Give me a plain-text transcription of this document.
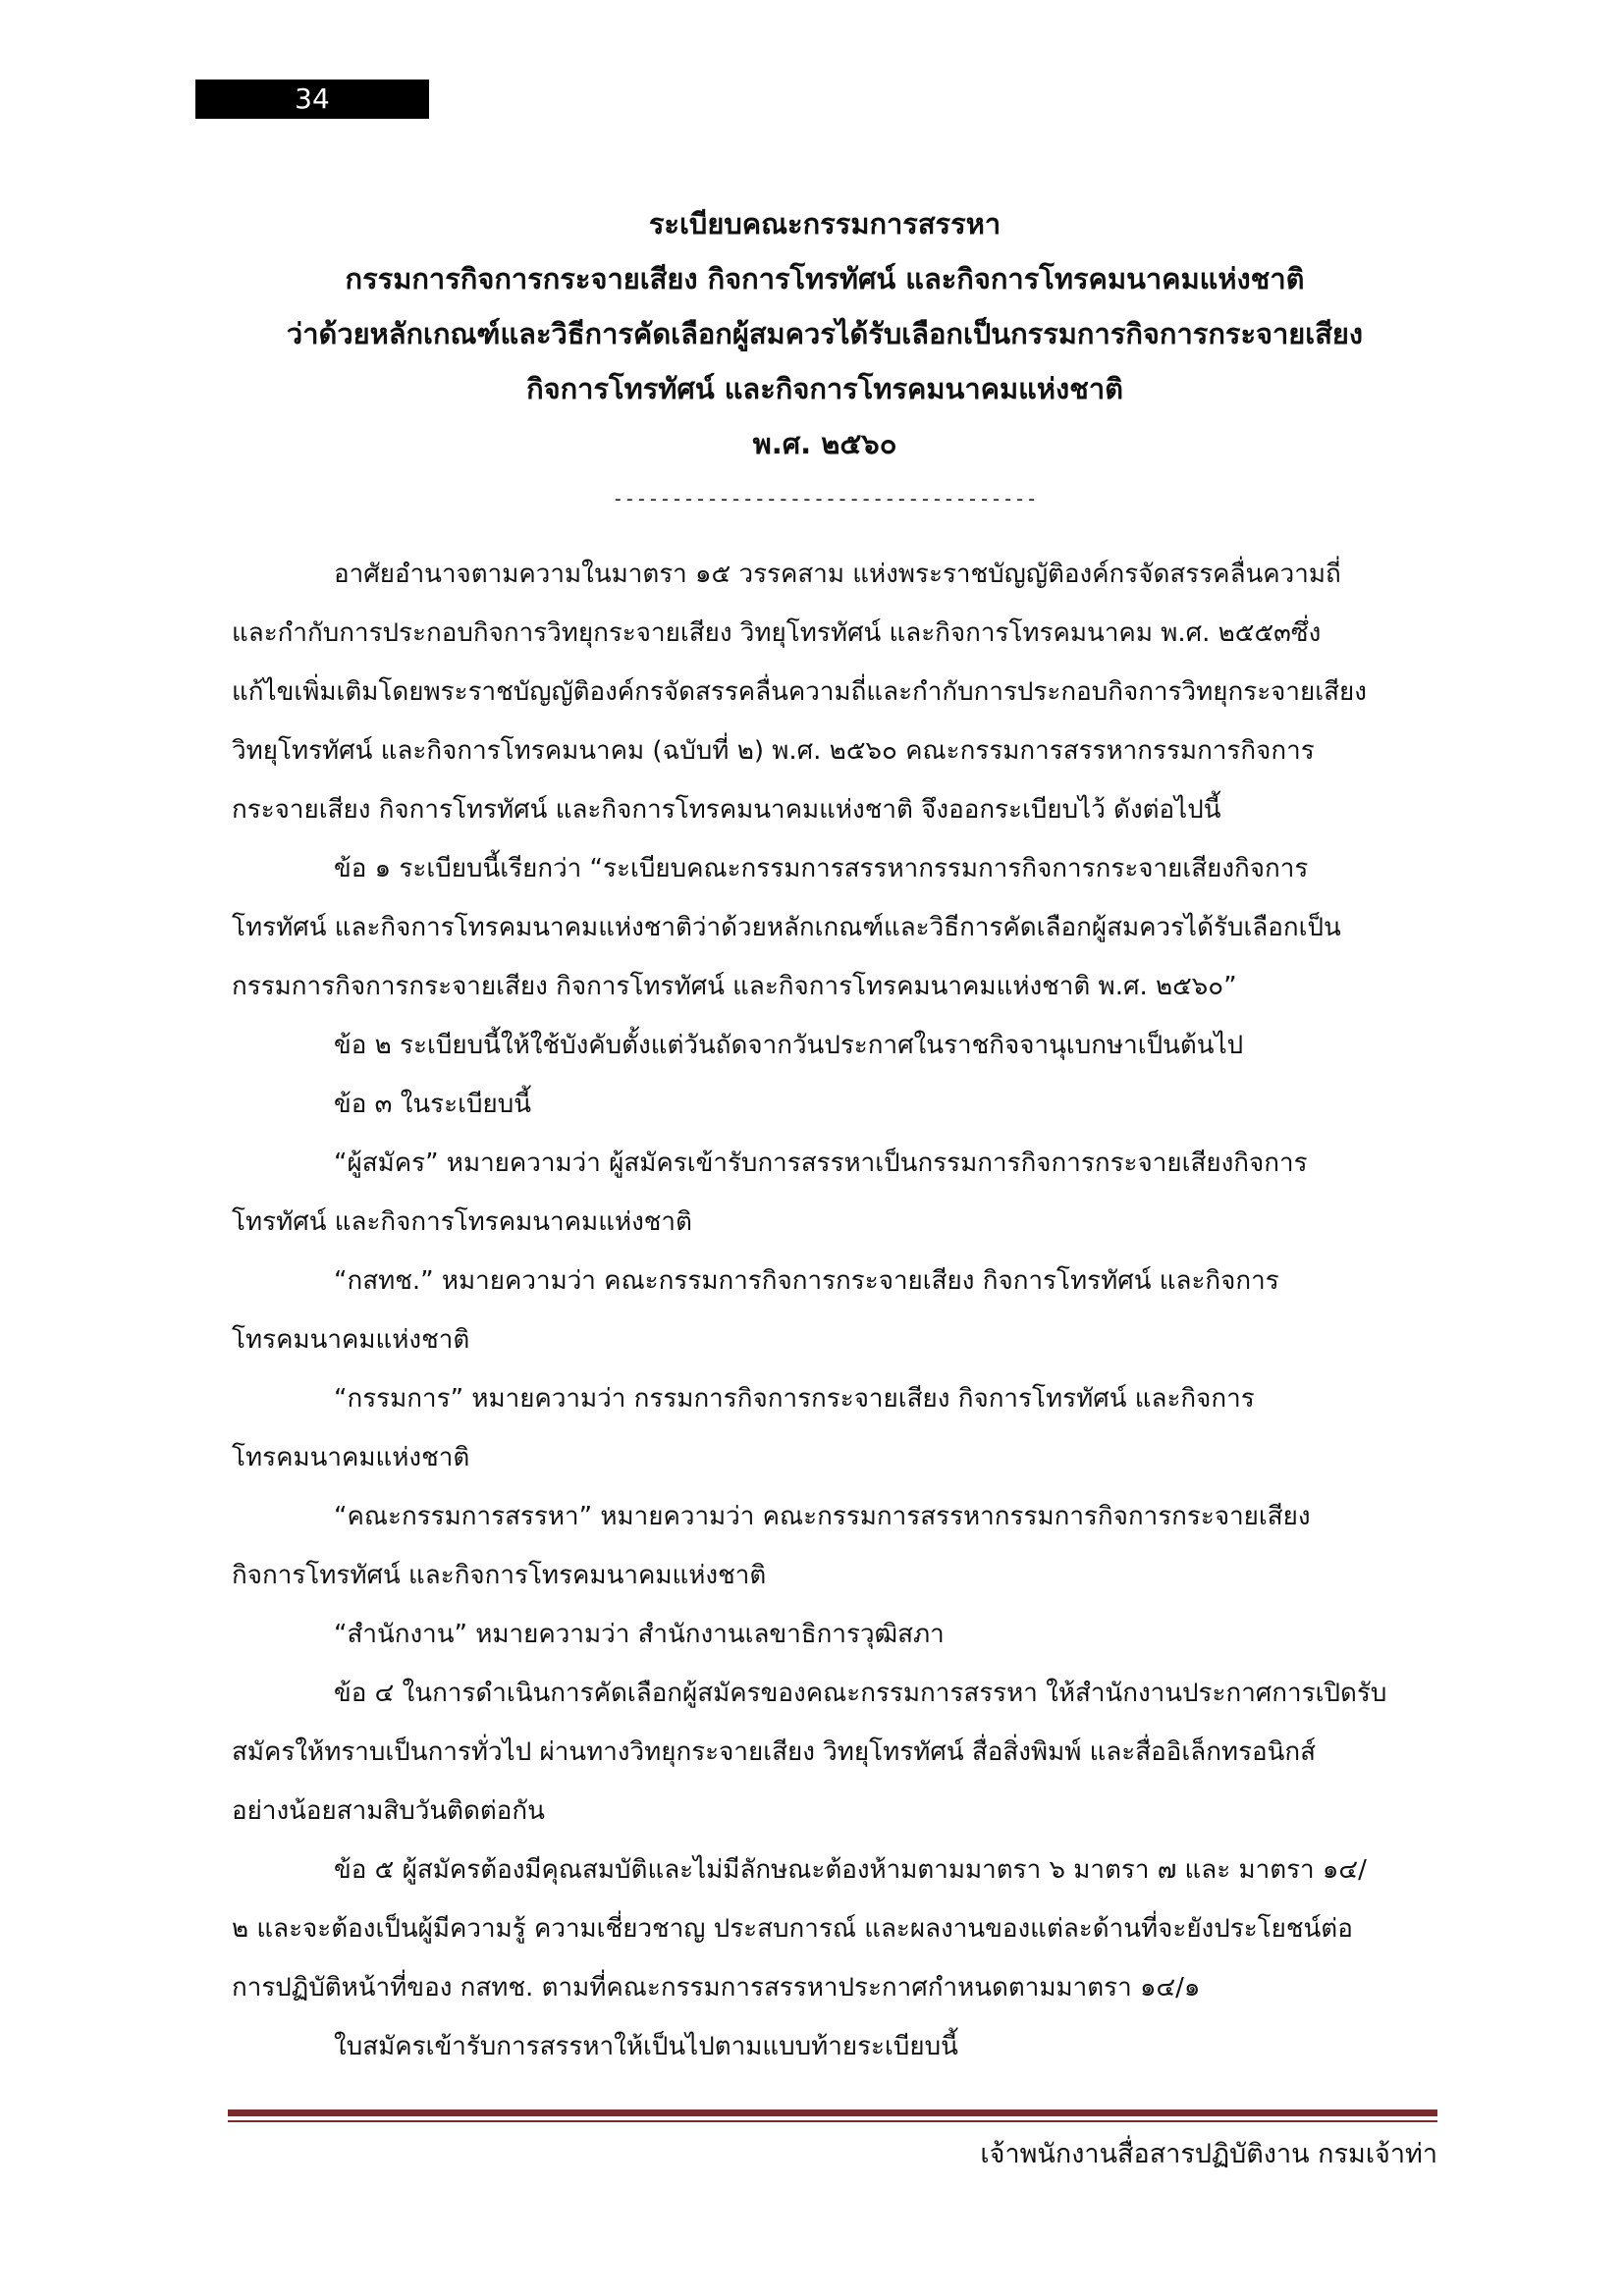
34
ระเบียบคณะกรรมการสรรหา
กรรมการกิจการกระจายเสียง กิจการโทรทัศน์ และกิจการโทรคมนาคมแห่งชาติ
ว่าด้วยหลักเกณฑ์และวิธีการคัดเลือกผู้สมควรได้รับเลือกเป็นกรรมการกิจการกระจายเสียง
กิจการโทรทัศน์ และกิจการโทรคมนาคมแห่งชาติ
พ.ศ. ๒๕๖๐
------------------------------------
อาศัยอำนาจตามความในมาตรา ๑๕ วรรคสาม แห่งพระราชบัญญัติองค์กรจัดสรรคลื่นความถี่
และกำกับการประกอบกิจการวิทยุกระจายเสียง วิทยุโทรทัศน์ และกิจการโทรคมนาคม พ.ศ. ๒๕๕๓ซึ่ง
แก้ไขเพิ่มเติมโดยพระราชบัญญัติองค์กรจัดสรรคลื่นความถี่และกำกับการประกอบกิจการวิทยุกระจายเสียง
วิทยุโทรทัศน์ และกิจการโทรคมนาคม (ฉบับที่ ๒) พ.ศ. ๒๕๖๐ คณะกรรมการสรรหากรรมการกิจการ
กระจายเสียง กิจการโทรทัศน์ และกิจการโทรคมนาคมแห่งชาติ จึงออกระเบียบไว้ ดังต่อไปนี้
ข้อ ๑ ระเบียบนี้เรียกว่า “ระเบียบคณะกรรมการสรรหากรรมการกิจการกระจายเสียงกิจการ
โทรทัศน์ และกิจการโทรคมนาคมแห่งชาติว่าด้วยหลักเกณฑ์และวิธีการคัดเลือกผู้สมควรได้รับเลือกเป็น
กรรมการกิจการกระจายเสียง กิจการโทรทัศน์ และกิจการโทรคมนาคมแห่งชาติ พ.ศ. ๒๕๖๐”
ข้อ ๒ ระเบียบนี้ให้ใช้บังคับตั้งแต่วันถัดจากวันประกาศในราชกิจจานุเบกษาเป็นต้นไป
ข้อ ๓ ในระเบียบนี้
“ผู้สมัคร” หมายความว่า ผู้สมัครเข้ารับการสรรหาเป็นกรรมการกิจการกระจายเสียงกิจการ
โทรทัศน์ และกิจการโทรคมนาคมแห่งชาติ
“กสทช.” หมายความว่า คณะกรรมการกิจการกระจายเสียง กิจการโทรทัศน์ และกิจการ
โทรคมนาคมแห่งชาติ
“กรรมการ” หมายความว่า กรรมการกิจการกระจายเสียง กิจการโทรทัศน์ และกิจการ
โทรคมนาคมแห่งชาติ
“คณะกรรมการสรรหา” หมายความว่า คณะกรรมการสรรหากรรมการกิจการกระจายเสียง
กิจการโทรทัศน์ และกิจการโทรคมนาคมแห่งชาติ
“สำนักงาน” หมายความว่า สำนักงานเลขาธิการวุฒิสภา
ข้อ ๔ ในการดำเนินการคัดเลือกผู้สมัครของคณะกรรมการสรรหา ให้สำนักงานประกาศการเปิดรับ
สมัครให้ทราบเป็นการทั่วไป ผ่านทางวิทยุกระจายเสียง วิทยุโทรทัศน์ สื่อสิ่งพิมพ์ และสื่ออิเล็กทรอนิกส์
อย่างน้อยสามสิบวันติดต่อกัน
ข้อ ๕ ผู้สมัครต้องมีคุณสมบัติและไม่มีลักษณะต้องห้ามตามมาตรา ๖ มาตรา ๗ และ มาตรา ๑๔/
๒ และจะต้องเป็นผู้มีความรู้ ความเชี่ยวชาญ ประสบการณ์ และผลงานของแต่ละด้านที่จะยังประโยชน์ต่อ
การปฏิบัติหน้าที่ของ กสทช. ตามที่คณะกรรมการสรรหาประกาศกำหนดตามมาตรา ๑๔/๑
ใบสมัครเข้ารับการสรรหาให้เป็นไปตามแบบท้ายระเบียบนี้
เจ้าพนักงานสื่อสารปฏิบัติงาน กรมเจ้าท่า
